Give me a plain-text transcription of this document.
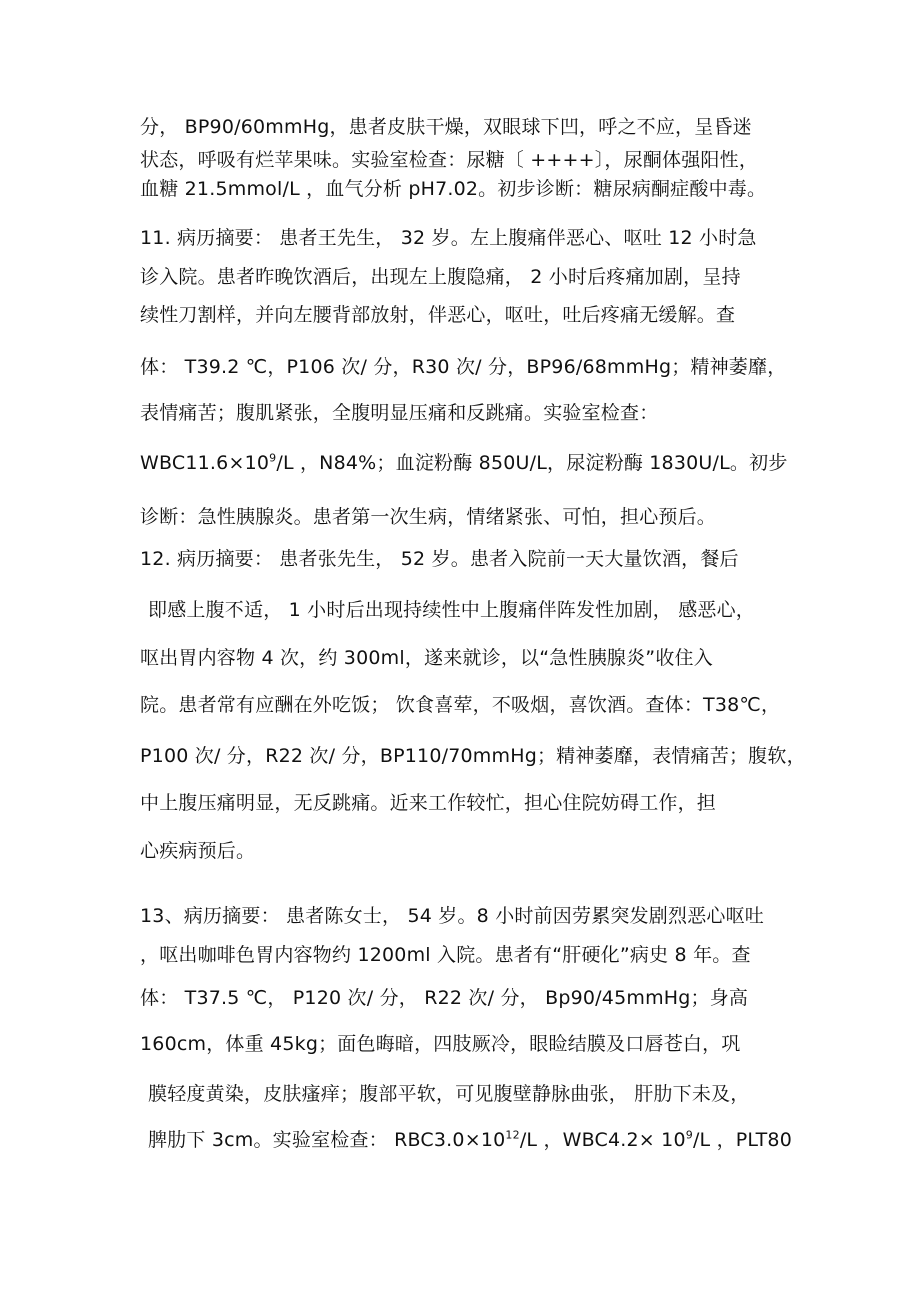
分， BP90/60mmHg，患者皮肤干燥，双眼球下凹，呼之不应，呈昏迷
状态，呼吸有烂苹果味。实验室检查：尿糖〔 ++++〕，尿酮体强阳性，
血糖 21.5mmol/L ，血气分析 pH7.02。初步诊断：糖尿病酮症酸中毒。
11. 病历摘要： 患者王先生， 32 岁。左上腹痛伴恶心、呕吐 12 小时急
诊入院。患者昨晚饮酒后，出现左上腹隐痛， 2 小时后疼痛加剧，呈持
续性刀割样，并向左腰背部放射，伴恶心，呕吐，吐后疼痛无缓解。查
体： T39.2 ℃，P106 次/ 分，R30 次/ 分，BP96/68mmHg；精神萎靡，
表情痛苦；腹肌紧张，全腹明显压痛和反跳痛。实验室检查：
$WBC11.6\times 10^9/L$ ，N84%；血淀粉酶 850U/L，尿淀粉酶 1830U/L。初步
诊断：急性胰腺炎。患者第一次生病，情绪紧张、可怕，担心预后。
12. 病历摘要： 患者张先生， 52 岁。患者入院前一天大量饮酒，餐后
即感上腹不适， 1 小时后出现持续性中上腹痛伴阵发性加剧， 感恶心，
呕出胃内容物 4 次，约 300ml，遂来就诊，以“急性胰腺炎”收住入
院。患者常有应酬在外吃饭； 饮食喜荤，不吸烟，喜饮酒。查体：T38℃，
P100 次/ 分，R22 次/ 分，BP110/70mmHg；精神萎靡，表情痛苦；腹软，
中上腹压痛明显，无反跳痛。近来工作较忙，担心住院妨碍工作，担
心疾病预后。
13、病历摘要： 患者陈女士， 54 岁。8 小时前因劳累突发剧烈恶心呕吐
，呕出咖啡色胃内容物约 1200ml 入院。患者有“肝硬化”病史 8 年。查
体： T37.5 ℃， P120 次/ 分， R22 次/ 分， Bp90/45mmHg；身高
160cm，体重 45kg；面色晦暗，四肢厥冷，眼睑结膜及口唇苍白，巩
膜轻度黄染，皮肤瘙痒；腹部平软，可见腹壁静脉曲张， 肝肋下未及，
脾肋下 3cm。实验室检查： $RBC3.0\times 10^{12}/L$ ，$WBC4.2\times 10^9/L$ ，PLT80
